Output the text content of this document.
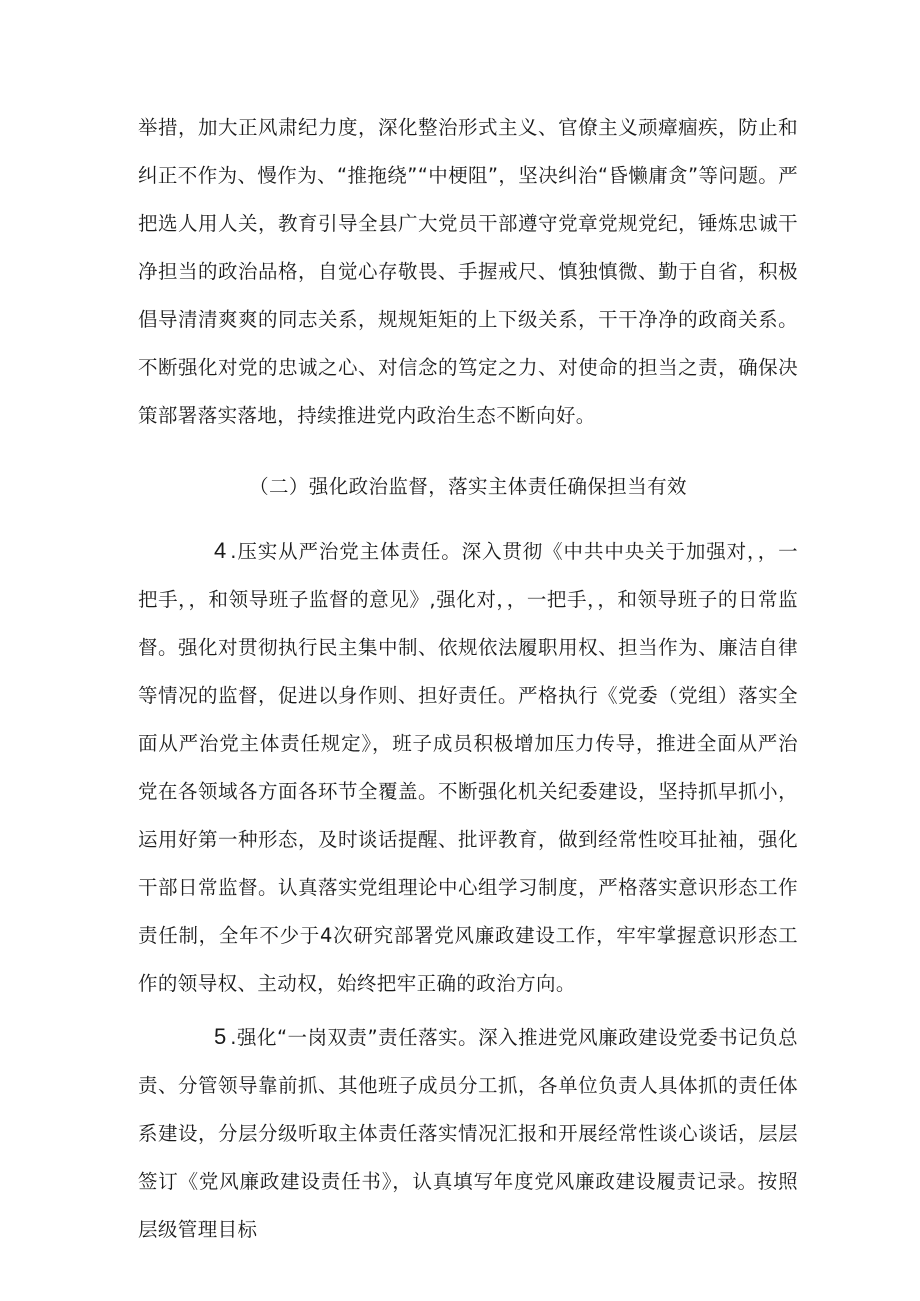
举措，加大正风肃纪力度，深化整治形式主义、官僚主义顽瘴痼疾，防止和纠正不作为、慢作为、“推拖绕”“中梗阻”，坚决纠治“昏懒庸贪”等问题。严把选人用人关，教育引导全县广大党员干部遵守党章党规党纪，锤炼忠诚干净担当的政治品格，自觉心存敬畏、手握戒尺、慎独慎微、勤于自省，积极倡导清清爽爽的同志关系，规规矩矩的上下级关系，干干净净的政商关系。不断强化对党的忠诚之心、对信念的笃定之力、对使命的担当之责，确保决策部署落实落地，持续推进党内政治生态不断向好。

（二）强化政治监督，落实主体责任确保担当有效

4 .压实从严治党主体责任。深入贯彻《中共中央关于加强对，，一把手，，和领导班子监督的意见》,强化对，，一把手，，和领导班子的日常监督。强化对贯彻执行民主集中制、依规依法履职用权、担当作为、廉洁自律等情况的监督，促进以身作则、担好责任。严格执行《党委（党组）落实全面从严治党主体责任规定》，班子成员积极增加压力传导，推进全面从严治党在各领域各方面各环节全覆盖。不断强化机关纪委建设，坚持抓早抓小，运用好第一种形态，及时谈话提醒、批评教育，做到经常性咬耳扯袖，强化干部日常监督。认真落实党组理论中心组学习制度，严格落实意识形态工作责任制，全年不少于4次研究部署党风廉政建设工作，牢牢掌握意识形态工作的领导权、主动权，始终把牢正确的政治方向。

5 .强化“一岗双责”责任落实。深入推进党风廉政建设党委书记负总责、分管领导靠前抓、其他班子成员分工抓，各单位负责人具体抓的责任体系建设，分层分级听取主体责任落实情况汇报和开展经常性谈心谈话，层层签订《党风廉政建设责任书》，认真填写年度党风廉政建设履责记录。按照层级管理目标
